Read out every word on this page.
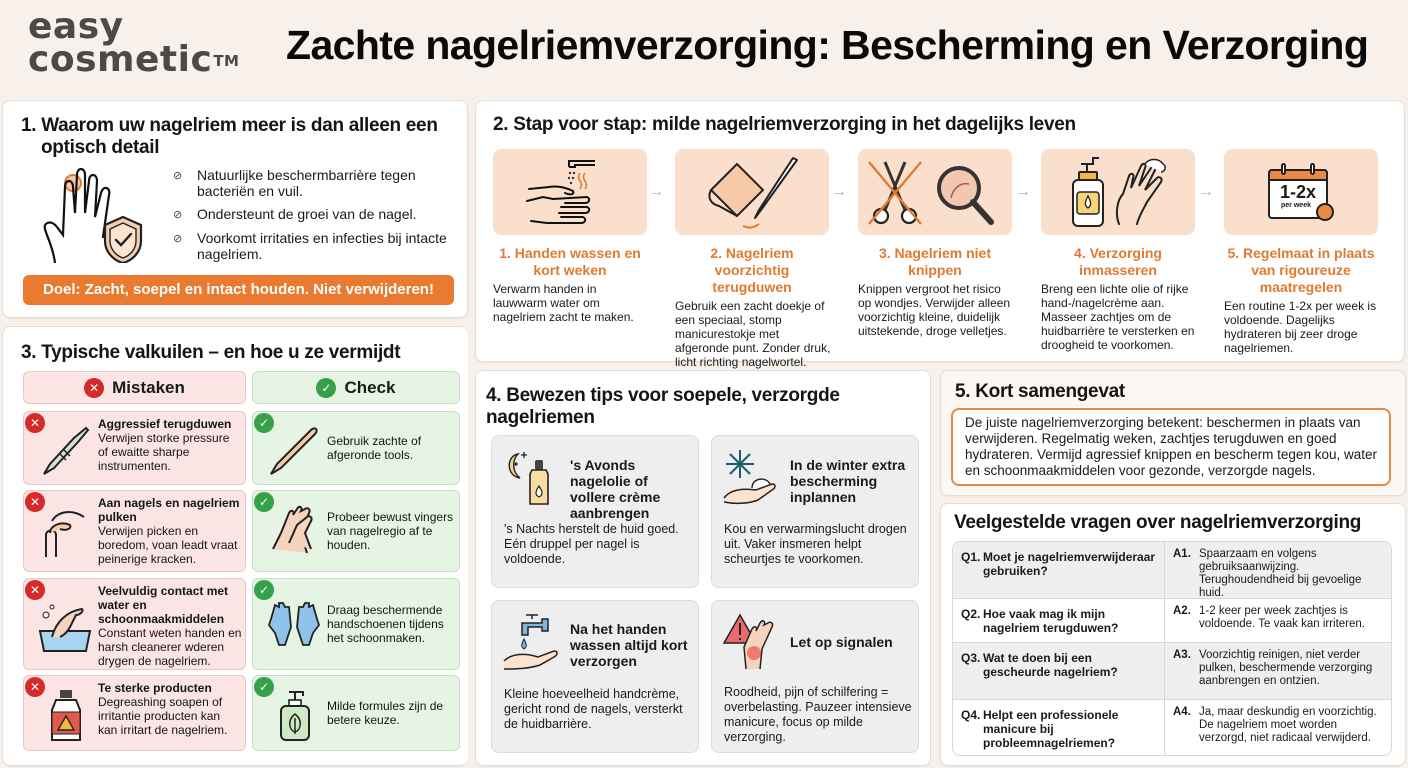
easy
cosmetic™ Zachte nagelriemverzorging: Bescherming en Verzorging
1. Waarom uw nagelriem meer is dan alleen een
optisch detail
⊘	Natuurlijke beschermbarrière tegen bacteriën en vuil.
⊘	Ondersteunt de groei van de nagel.
⊘	Voorkomt irritaties en infecties bij intacte nagelriem.
Doel: Zacht, soepel en intact houden. Niet verwijderen!
2. Stap voor stap: milde nagelriemverzorging in het dagelijks leven
1. Handen wassen en kort weken
Verwarm handen in lauwwarm water om nagelriem zacht te maken.
→
2. Nagelriem voorzichtig terugduwen
Gebruik een zacht doekje of een speciaal, stomp manicurestokje met afgeronde punt. Zonder druk, licht richting nagelwortel.
→
3. Nagelriem niet knippen
Knippen vergroot het risico op wondjes. Verwijder alleen voorzichtig kleine, duidelijk uitstekende, droge velletjes.
→
4. Verzorging inmasseren
Breng een lichte olie of rijke hand-/nagelcrème aan. Masseer zachtjes om de huidbarrière te versterken en droogheid te voorkomen.
→	1-2x
per week
5. Regelmaat in plaats van rigoureuze maatregelen
Een routine 1-2x per week is voldoende. Dagelijks hydrateren bij zeer droge nagelriemen.
3. Typische valkuilen – en hoe u ze vermijdt
✕ Mistaken	✓ Check
✕	Aggressief terugduwen
Verwijen storke pressure of ewaitte sharpe instrumenten.
✓
Gebruik zachte of afgeronde tools.
✕	Aan nagels en nagelriem pulken
Verwijen picken en boredom, voan leadt vraat peinerige kracken.
✓
Probeer bewust vingers van nagelregio af te houden.
✕	Veelvuldig contact met water en schoonmaakmiddelen
Constant weten handen en harsh cleanerer wderen drygen de nagelriem.
✓
Draag beschermende handschoenen tijdens het schoonmaken.
✕	Te sterke producten
Degreashing soapen of irritantie producten kan kan irritart de nagelriem.
✓
Milde formules zijn de betere keuze.
4. Bewezen tips voor soepele, verzorgde nagelriemen
's Avonds nagelolie of vollere crème aanbrengen
's Nachts herstelt de huid goed. Eén druppel per nagel is voldoende.
In de winter extra bescherming inplannen
Kou en verwarmingslucht drogen uit. Vaker insmeren helpt scheurtjes te voorkomen.
Na het handen wassen altijd kort verzorgen
Kleine hoeveelheid handcrème, gericht rond de nagels, versterkt de huidbarrière.
Let op signalen
Roodheid, pijn of schilfering = overbelasting. Pauzeer intensieve manicure, focus op milde verzorging.
5. Kort samengevat
De juiste nagelriemverzorging betekent: beschermen in plaats van verwijderen. Regelmatig weken, zachtjes terugduwen en goed hydrateren. Vermijd agressief knippen en bescherm tegen kou, water en schoonmaakmiddelen voor gezonde, verzorgde nagels.
Veelgestelde vragen over nagelriemverzorging
Q1. Moet je nagelriemverwijderaar gebruiken?
A1. Spaarzaam en volgens gebruiksaanwijzing. Terughoudendheid bij gevoelige huid.
Q2. Hoe vaak mag ik mijn nagelriem terugduwen?
A2. 1-2 keer per week zachtjes is voldoende. Te vaak kan irriteren.
Q3. Wat te doen bij een gescheurde nagelriem?
A3. Voorzichtig reinigen, niet verder pulken, beschermende verzorging aanbrengen en ontzien.
Q4. Helpt een professionele manicure bij probleemnagelriemen?
A4. Ja, maar deskundig en voorzichtig. De nagelriem moet worden verzorgd, niet radicaal verwijderd.
